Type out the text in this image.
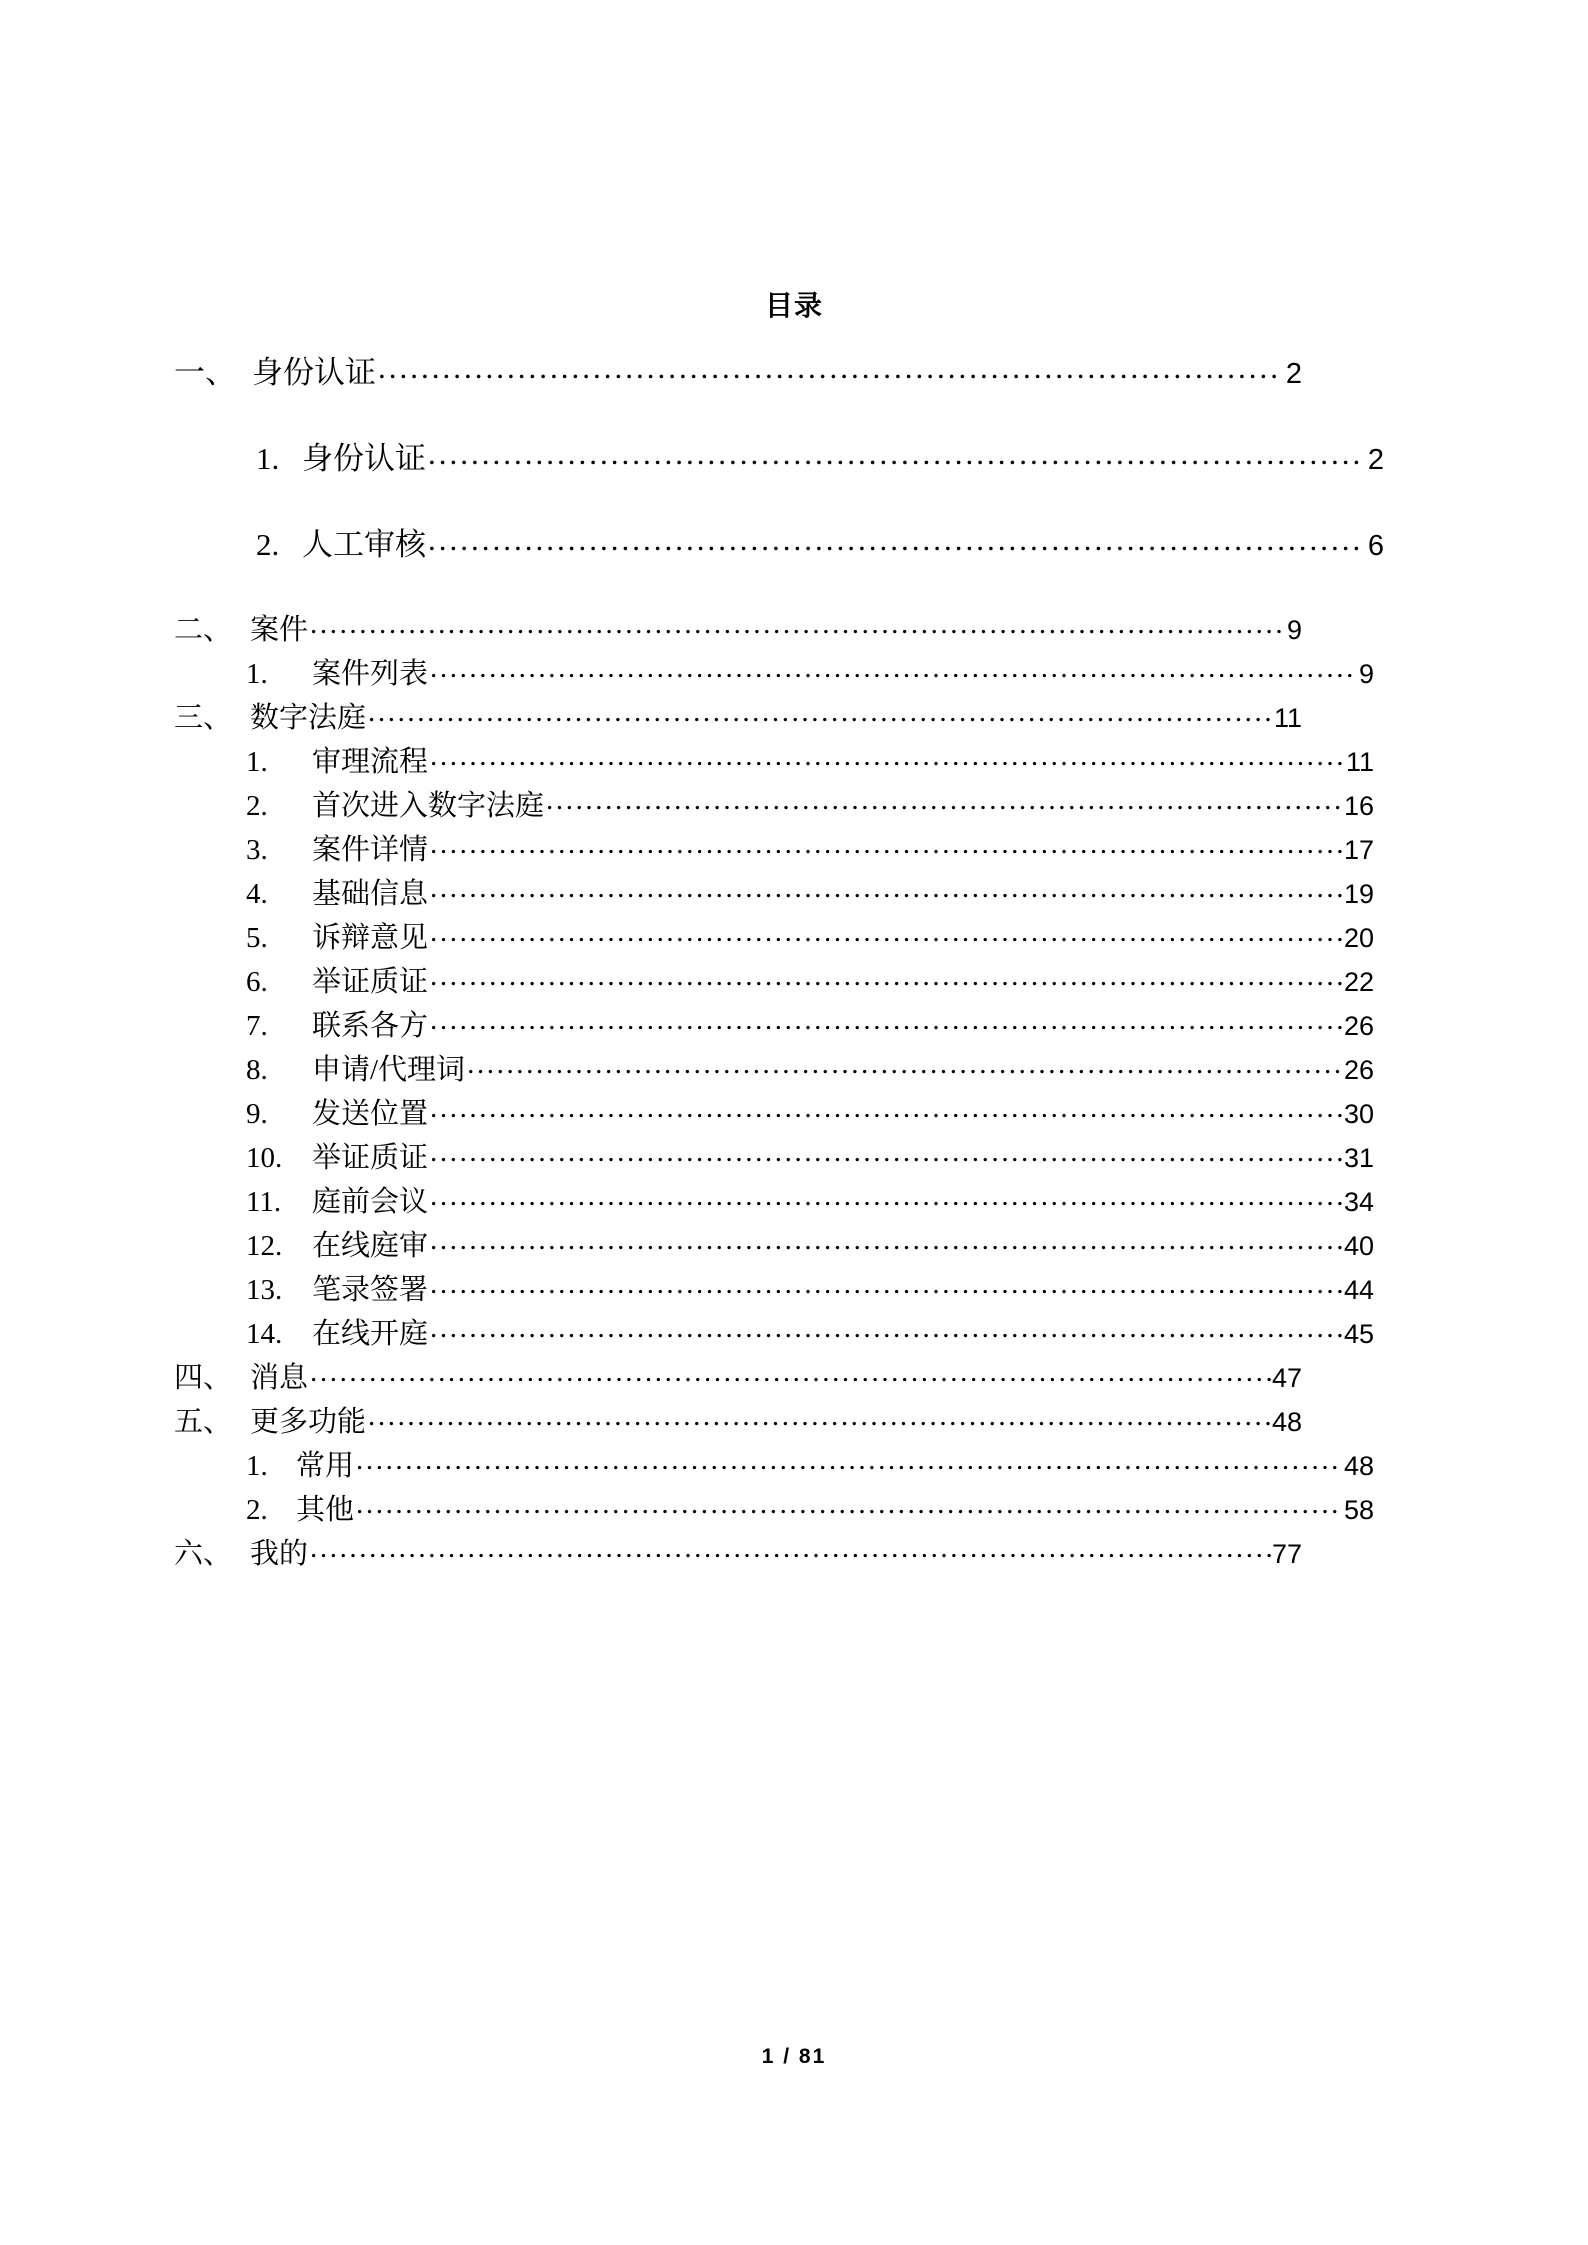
目录
一、 身份认证 .....	2
1. 身份认证 .....	2
2. 人工审核 .....	6
二、 案件 .....	9
1.	案件列表 .....	9
三、 数字法庭 .....	11
1.	审理流程 .....	11
2.	首次进入数字法庭 .....	16
3.	案件详情 .....	17
4.	基础信息 .....	19
5.	诉辩意见 .....	20
6.	举证质证 .....	22
7.	联系各方 .....	26
8.	申请/代理词 .....	26
9.	发送位置 .....	30
10.	举证质证 .....	31
11.	庭前会议 .....	34
12.	在线庭审 .....	40
13.	笔录签署 .....	44
14.	在线开庭 .....	45
四、 消息 .....	47
五、 更多功能 .....	48
1. 常用 .....	48
2. 其他 .....	58
六、 我的 .....	77
1 / 81
